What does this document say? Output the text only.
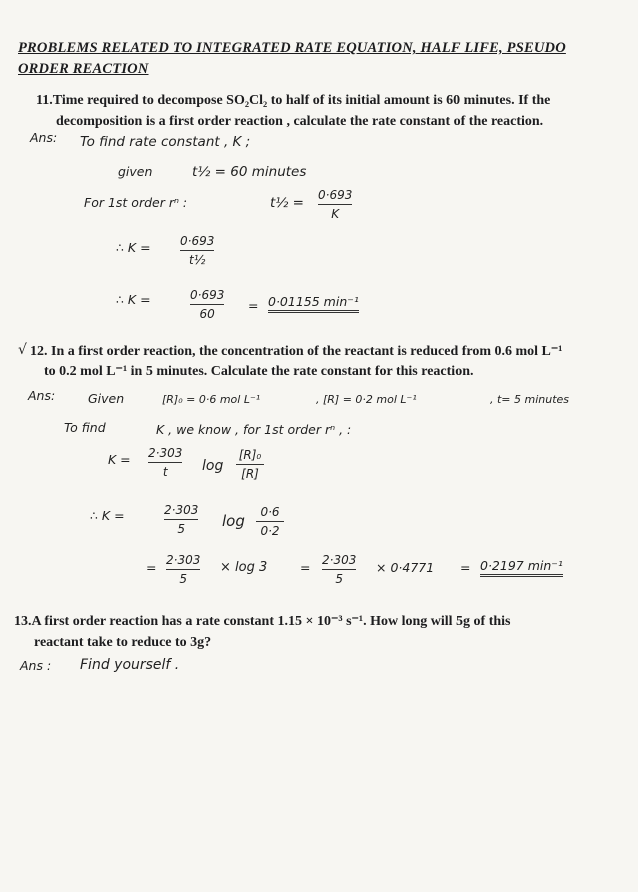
PROBLEMS RELATED TO INTEGRATED RATE EQUATION, HALF LIFE, PSEUDO
ORDER REACTION
11.Time required to decompose SO₂Cl₂ to half of its initial amount is 60 minutes. If the
decomposition is a first order reaction , calculate the rate constant of the reaction.
Ans: To find rate constant , K ;
given	t½ = 60 minutes
For 1st order rⁿ :	t½ = 0·693
K
∴ K = 0·693
t½
∴ K =	0·693
60
= 0·01155 min⁻¹
√ 12. In a first order reaction, the concentration of the reactant is reduced from 0.6 mol L⁻¹
to 0.2 mol L⁻¹ in 5 minutes. Calculate the rate constant for this reaction.
Ans:	Given	[R]₀ = 0·6 mol L⁻¹	, [R] = 0·2 mol L⁻¹	, t= 5 minutes
To find	K , we know , for 1st order rⁿ , :
K = 2·303
t log
[R]₀
[R]
∴ K =	2·303
5 log 0·6
0·2
= 2·303
5
× log 3	= 2·303
5
× 0·4771 = 0·2197 min⁻¹
13.A first order reaction has a rate constant 1.15 × 10⁻³ s⁻¹. How long will 5g of this
reactant take to reduce to 3g?
Ans : Find yourself .
